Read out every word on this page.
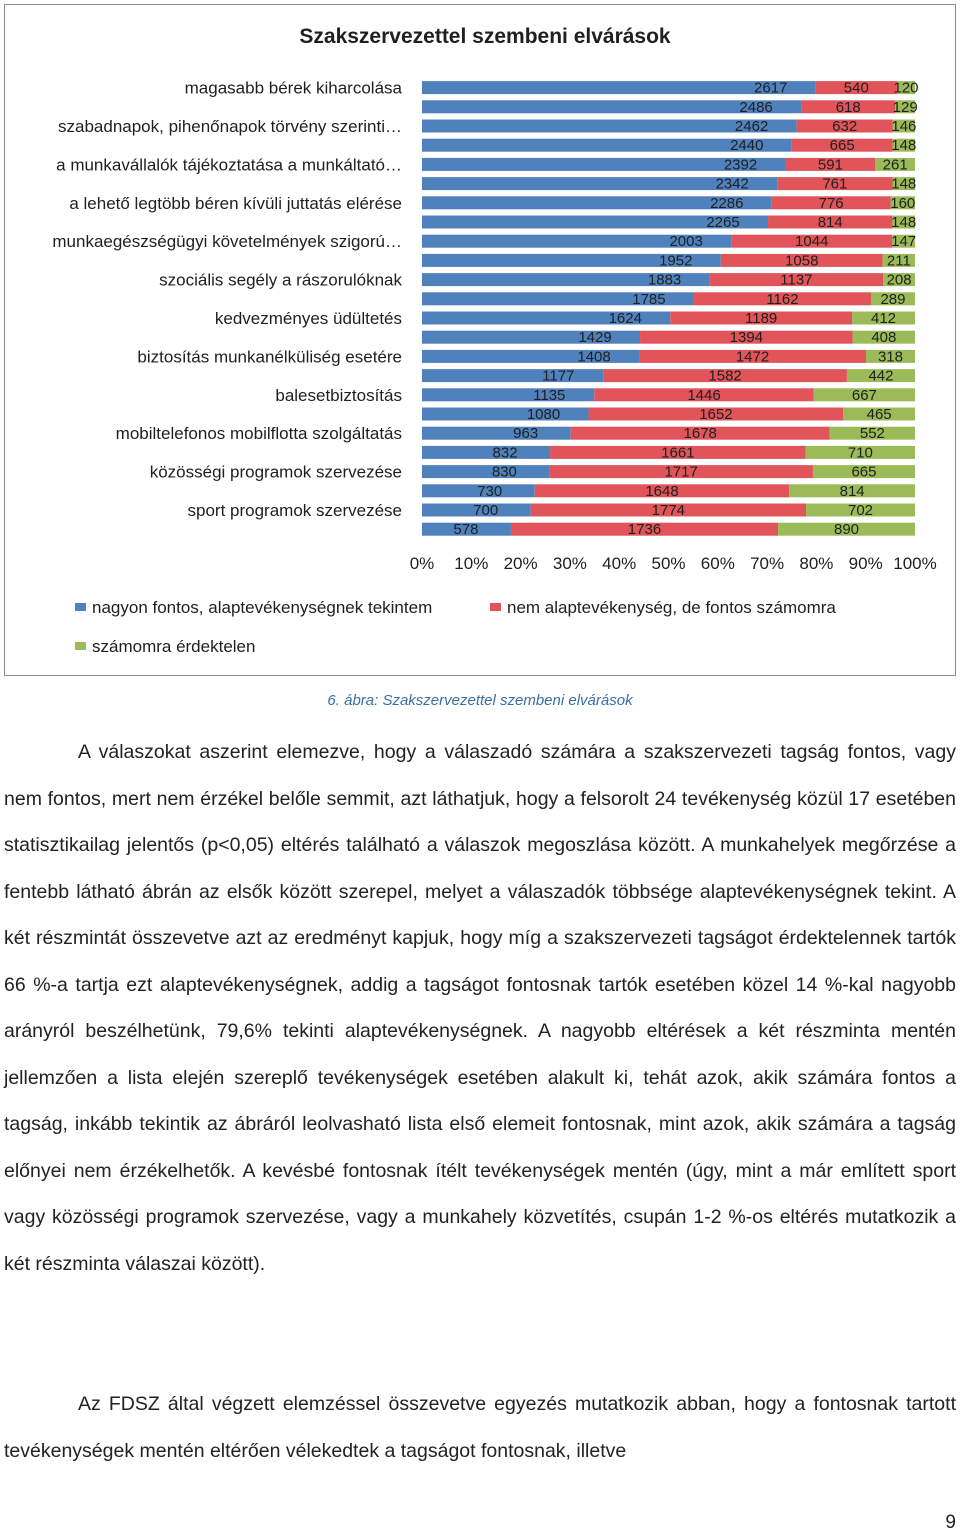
Szakszervezettel szembeni elvárások
2617	540 120
2486	618 129
2462	632 146
2440	665 148
2392	591	261
2342	761	148
2286	776	160
2265	814	148
2003	1044	147
1952	1058	211
1883	1137	208
1785	1162	289
1624	1189	412
1429	1394	408
1408	1472	318
1177	1582	442
1135	1446	667
1080	1652	465
963	1678	552
832	1661	710
830	1717	665
730	1648	814
700	1774	702
578	1736	890
magasabb bérek kiharcolása
szabadnapok, pihenőnapok törvény szerinti…
a munkavállalók tájékoztatása a munkáltató…
a lehető legtöbb béren kívüli juttatás elérése
munkaegészségügyi követelmények szigorú…
szociális segély a rászorulóknak
kedvezményes üdültetés
biztosítás munkanélküliség esetére
balesetbiztosítás
mobiltelefonos mobilflotta szolgáltatás
közösségi programok szervezése
sport programok szervezése
0% 10% 20% 30% 40% 50% 60% 70% 80% 90% 100%
nagyon fontos, alaptevékenységnek tekintem	nem alaptevékenység, de fontos számomra
számomra érdektelen
6. ábra: Szakszervezettel szembeni elvárások
A válaszokat aszerint elemezve, hogy a válaszadó számára a szakszervezeti tagság fontos, vagy nem fontos, mert nem érzékel belőle semmit, azt láthatjuk, hogy a felsorolt 24 tevékenység közül 17 esetében statisztikailag jelentős (p<0,05) eltérés található a válaszok megoszlása között. A munkahelyek megőrzése a fentebb látható ábrán az elsők között szerepel, melyet a válaszadók többsége alaptevékenységnek tekint. A két részmintát összevetve azt az eredményt kapjuk, hogy míg a szakszervezeti tagságot érdektelennek tartók 66 %-a tartja ezt alaptevékenységnek, addig a tagságot fontosnak tartók esetében közel 14 %-kal nagyobb arányról beszélhetünk, 79,6% tekinti alaptevékenységnek. A nagyobb eltérések a két részminta mentén jellemzően a lista elején szereplő tevékenységek esetében alakult ki, tehát azok, akik számára fontos a tagság, inkább tekintik az ábráról leolvasható lista első elemeit fontosnak, mint azok, akik számára a tagság előnyei nem érzékelhetők. A kevésbé fontosnak ítélt tevékenységek mentén (úgy, mint a már említett sport vagy közösségi programok szervezése, vagy a munkahely közvetítés, csupán 1-2 %-os eltérés mutatkozik a két részminta válaszai között).
Az FDSZ által végzett elemzéssel összevetve egyezés mutatkozik abban, hogy a fontosnak tartott tevékenységek mentén eltérően vélekedtek a tagságot fontosnak, illetve
9
